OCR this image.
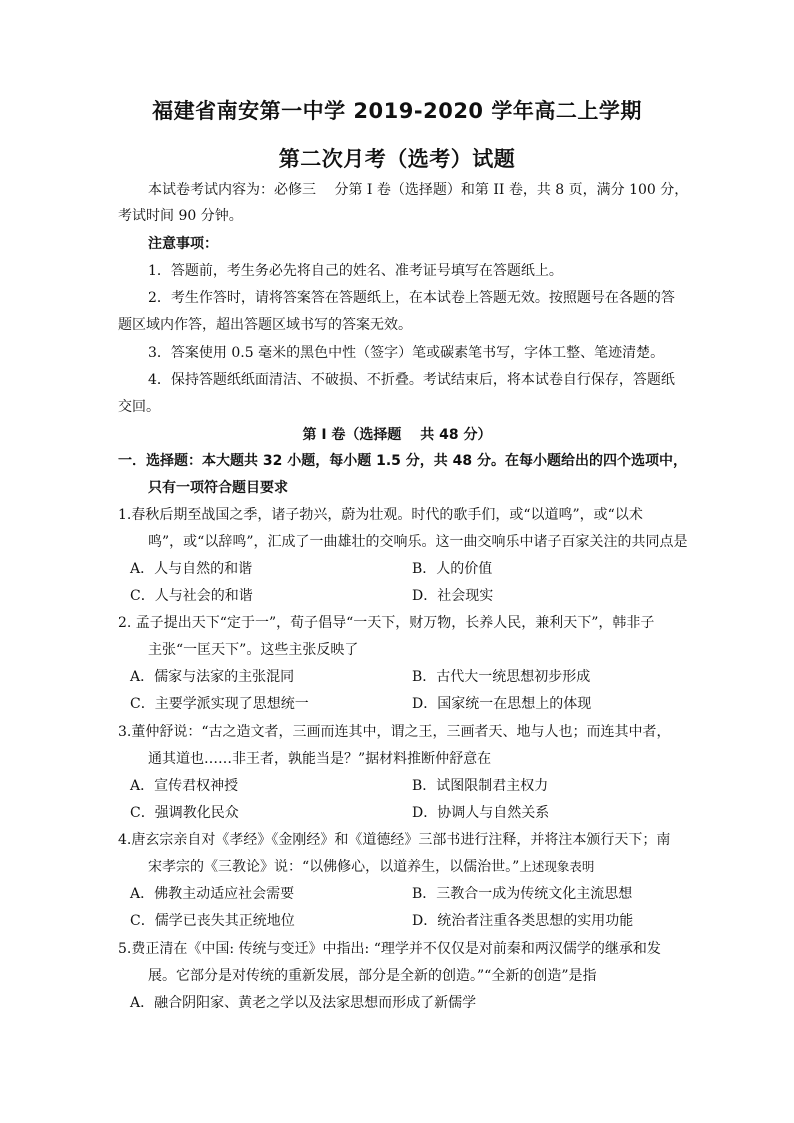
福建省南安第一中学 2019-2020 学年高二上学期
第二次月考（选考）试题
本试卷考试内容为：必修三　 分第 I 卷（选择题）和第 II 卷，共 8 页，满分 100 分，
考试时间 90 分钟。
注意事项：
1．答题前，考生务必先将自己的姓名、准考证号填写在答题纸上。
2．考生作答时，请将答案答在答题纸上，在本试卷上答题无效。按照题号在各题的答
题区域内作答，超出答题区域书写的答案无效。
3．答案使用 0.5 毫米的黑色中性（签字）笔或碳素笔书写，字体工整、笔迹清楚。
4．保持答题纸纸面清洁、不破损、不折叠。考试结束后，将本试卷自行保存，答题纸
交回。
第 I 卷（选择题　 共 48 分）
一．选择题：本大题共 32 小题，每小题 1.5 分，共 48 分。在每小题给出的四个选项中，
只有一项符合题目要求
1.春秋后期至战国之季，诸子勃兴，蔚为壮观。时代的歌手们，或“以道鸣”，或“以术
鸣”，或“以辞鸣”，汇成了一曲雄壮的交响乐。这一曲交响乐中诸子百家关注的共同点是
A．人与自然的和谐	B．人的价值
C．人与社会的和谐	D．社会现实
2. 孟子提出天下“定于一”，荀子倡导“一天下，财万物，长养人民，兼利天下”，韩非子
主张“一匡天下”。这些主张反映了
A．儒家与法家的主张混同	B．古代大一统思想初步形成
C．主要学派实现了思想统一	D．国家统一在思想上的体现
3.董仲舒说：“古之造文者，三画而连其中，谓之王，三画者天、地与人也；而连其中者，
通其道也……非王者，孰能当是？”据材料推断仲舒意在
A．宣传君权神授	B．试图限制君主权力
C．强调教化民众	D．协调人与自然关系
4.唐玄宗亲自对《孝经》《金刚经》和《道德经》三部书进行注释，并将注本颁行天下；南
宋孝宗的《三教论》说：“以佛修心，以道养生，以儒治世。”上述现象表明
A．佛教主动适应社会需要	B．三教合一成为传统文化主流思想
C．儒学已丧失其正统地位	D．统治者注重各类思想的实用功能
5.费正清在《中国: 传统与变迁》中指出: “理学并不仅仅是对前秦和两汉儒学的继承和发
展。它部分是对传统的重新发展，部分是全新的创造。”“全新的创造”是指
A．融合阴阳家、黄老之学以及法家思想而形成了新儒学
